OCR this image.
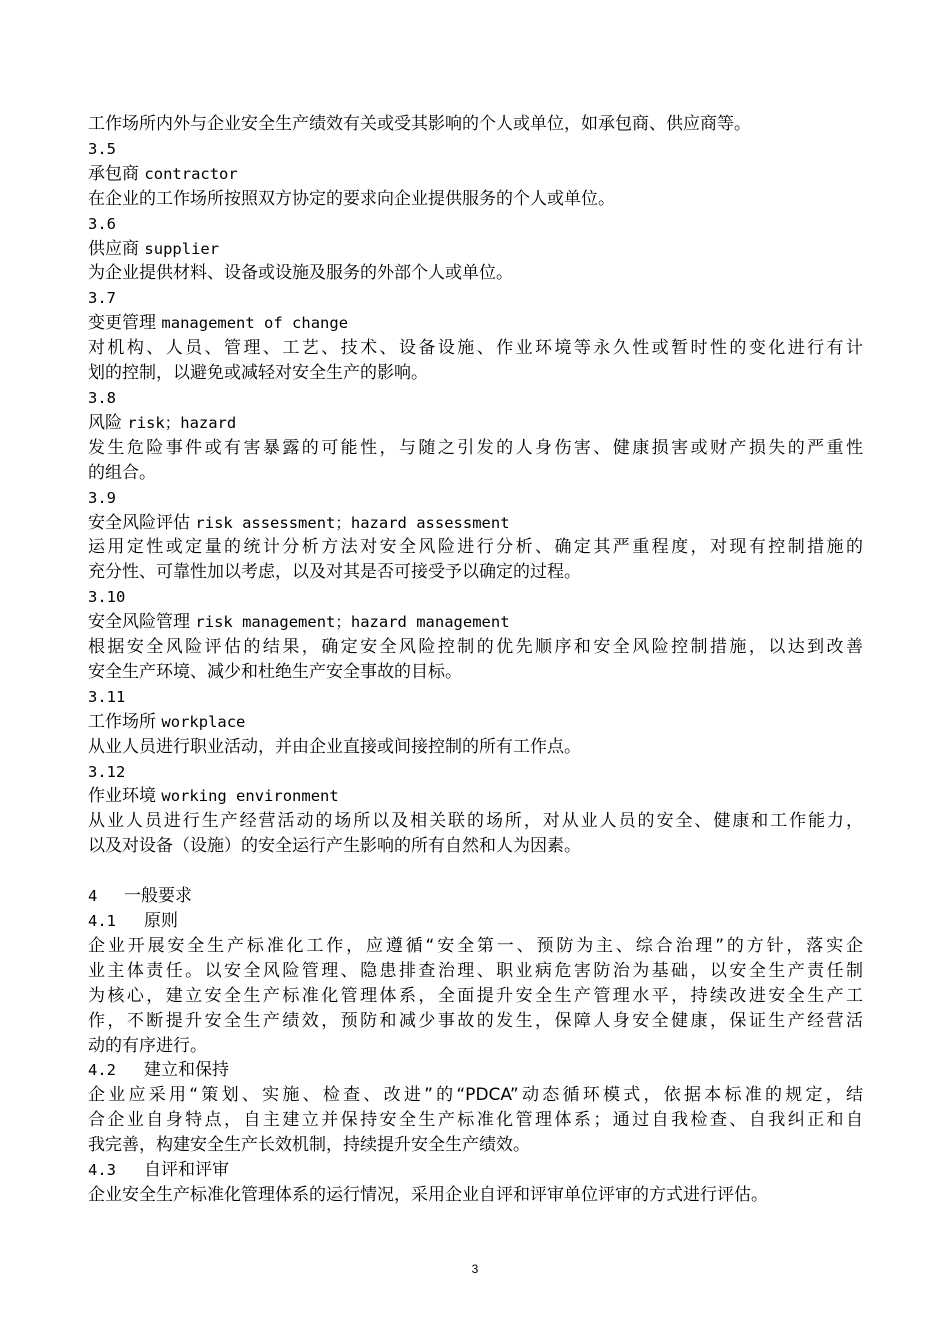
工作场所内外与企业安全生产绩效有关或受其影响的个人或单位，如承包商、供应商等。
3.5
承包商 contractor
在企业的工作场所按照双方协定的要求向企业提供服务的个人或单位。
3.6
供应商 supplier
为企业提供材料、设备或设施及服务的外部个人或单位。
3.7
变更管理 management of change
对机构、人员、管理、工艺、技术、设备设施、作业环境等永久性或暂时性的变化进行有计
划的控制，以避免或减轻对安全生产的影响。
3.8
风险 risk；hazard
发生危险事件或有害暴露的可能性，与随之引发的人身伤害、健康损害或财产损失的严重性
的组合。
3.9
安全风险评估 risk assessment；hazard assessment
运用定性或定量的统计分析方法对安全风险进行分析、确定其严重程度，对现有控制措施的
充分性、可靠性加以考虑，以及对其是否可接受予以确定的过程。
3.10
安全风险管理 risk management；hazard management
根据安全风险评估的结果，确定安全风险控制的优先顺序和安全风险控制措施，以达到改善
安全生产环境、减少和杜绝生产安全事故的目标。
3.11
工作场所 workplace
从业人员进行职业活动，并由企业直接或间接控制的所有工作点。
3.12
作业环境 working environment
从业人员进行生产经营活动的场所以及相关联的场所，对从业人员的安全、健康和工作能力，
以及对设备（设施）的安全运行产生影响的所有自然和人为因素。
4 一般要求
4.1 原则
企业开展安全生产标准化工作，应遵循“安全第一、预防为主、综合治理”的方针，落实企
业主体责任。以安全风险管理、隐患排查治理、职业病危害防治为基础，以安全生产责任制
为核心，建立安全生产标准化管理体系，全面提升安全生产管理水平，持续改进安全生产工
作，不断提升安全生产绩效，预防和减少事故的发生，保障人身安全健康，保证生产经营活
动的有序进行。
4.2 建立和保持
企业应采用“策划、实施、检查、改进”的“PDCA”动态循环模式，依据本标准的规定，结
合企业自身特点，自主建立并保持安全生产标准化管理体系；通过自我检查、自我纠正和自
我完善，构建安全生产长效机制，持续提升安全生产绩效。
4.3 自评和评审
企业安全生产标准化管理体系的运行情况，采用企业自评和评审单位评审的方式进行评估。
3
